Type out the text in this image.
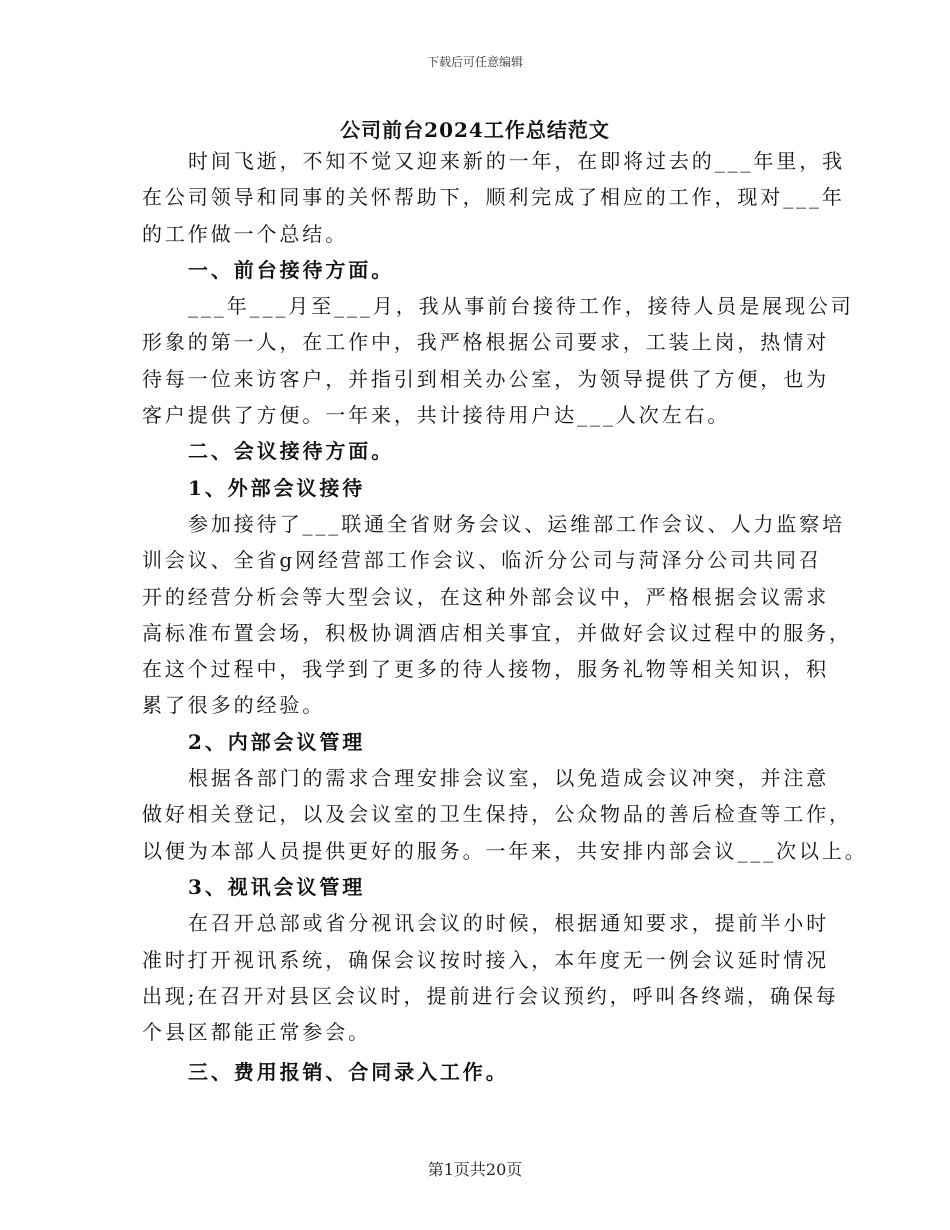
下载后可任意编辑
公司前台2024工作总结范文

时间飞逝，不知不觉又迎来新的一年，在即将过去的___年里，我

在公司领导和同事的关怀帮助下，顺利完成了相应的工作，现对___年

的工作做一个总结。

一、前台接待方面。

___年___月至___月，我从事前台接待工作，接待人员是展现公司

形象的第一人，在工作中，我严格根据公司要求，工装上岗，热情对

待每一位来访客户，并指引到相关办公室，为领导提供了方便，也为

客户提供了方便。一年来，共计接待用户达___人次左右。

二、会议接待方面。

1、外部会议接待

参加接待了___联通全省财务会议、运维部工作会议、人力监察培

训会议、全省g网经营部工作会议、临沂分公司与菏泽分公司共同召

开的经营分析会等大型会议，在这种外部会议中，严格根据会议需求

高标准布置会场，积极协调酒店相关事宜，并做好会议过程中的服务，

在这个过程中，我学到了更多的待人接物，服务礼物等相关知识，积

累了很多的经验。

2、内部会议管理

根据各部门的需求合理安排会议室，以免造成会议冲突，并注意

做好相关登记，以及会议室的卫生保持，公众物品的善后检查等工作，

以便为本部人员提供更好的服务。一年来，共安排内部会议___次以上。

3、视讯会议管理

在召开总部或省分视讯会议的时候，根据通知要求，提前半小时

准时打开视讯系统，确保会议按时接入，本年度无一例会议延时情况

出现;在召开对县区会议时，提前进行会议预约，呼叫各终端，确保每

个县区都能正常参会。

三、费用报销、合同录入工作。

第1页共20页
